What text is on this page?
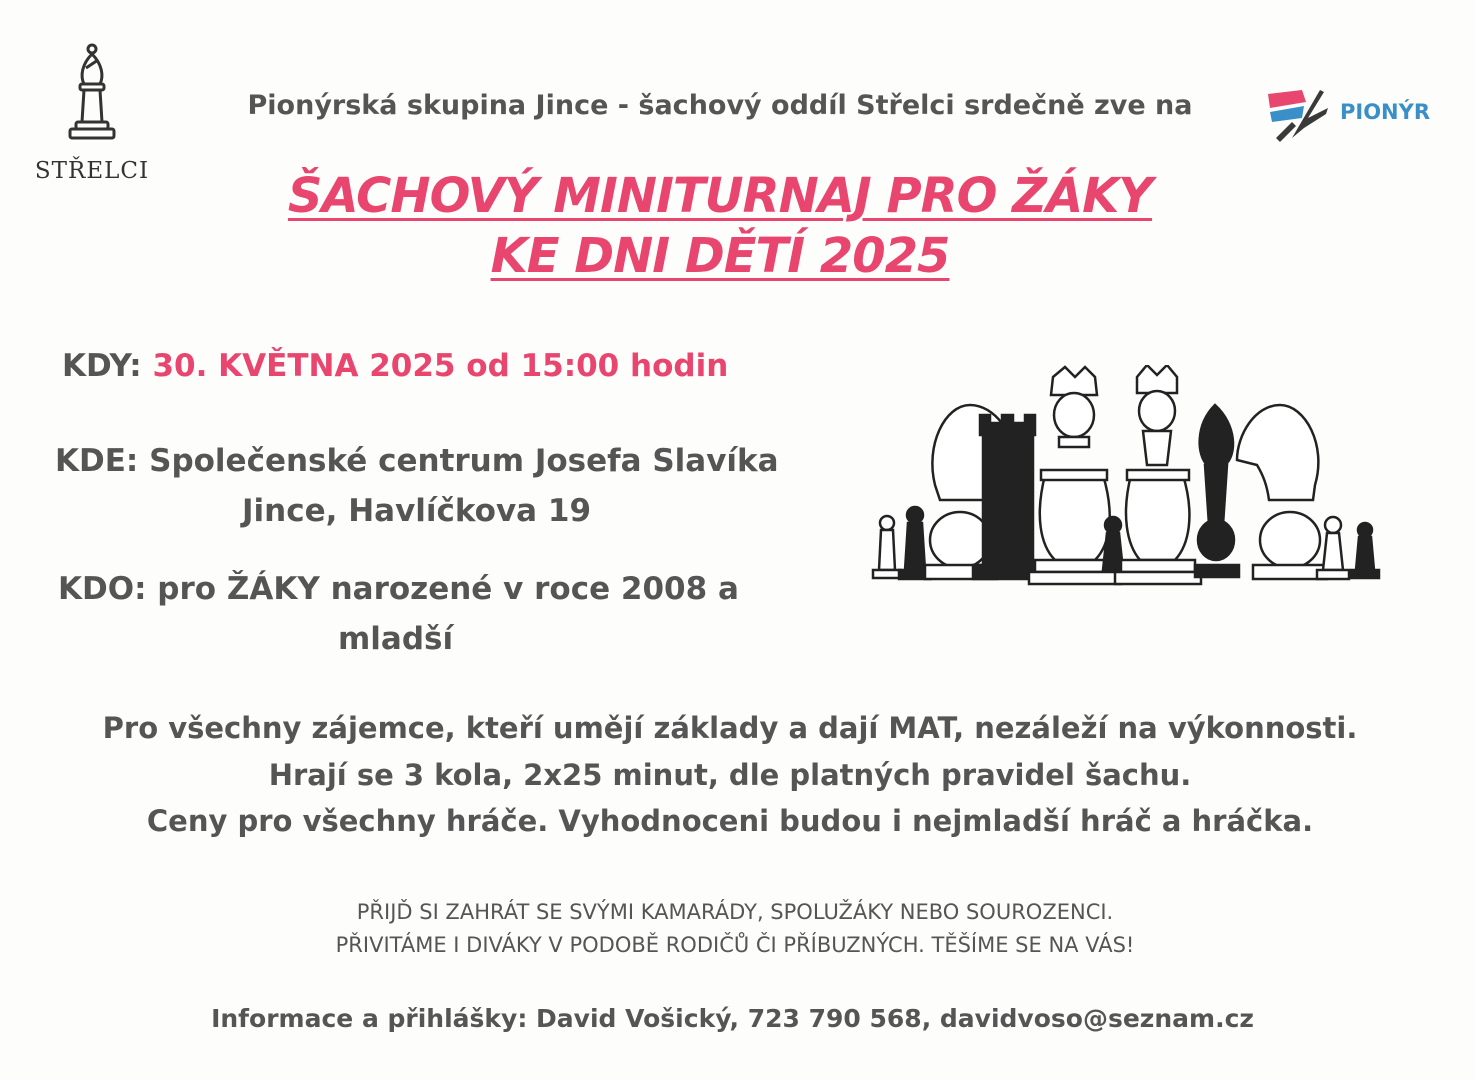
STŘELCI
PIONÝR
Pionýrská skupina Jince - šachový oddíl Střelci srdečně zve na
ŠACHOVÝ MINITURNAJ PRO ŽÁKY
KE DNI DĚTÍ 2025
KDY: 30. KVĚTNA 2025 od 15:00 hodin
KDE: Společenské centrum Josefa Slavíka
Jince, Havlíčkova 19
KDO: pro ŽÁKY narozené v roce 2008 a
mladší
Pro všechny zájemce, kteří umějí základy a dají MAT, nezáleží na výkonnosti.
Hrají se 3 kola, 2x25 minut, dle platných pravidel šachu.
Ceny pro všechny hráče. Vyhodnoceni budou i nejmladší hráč a hráčka.
PŘIJĎ SI ZAHRÁT SE SVÝMI KAMARÁDY, SPOLUŽÁKY NEBO SOUROZENCI.
PŘIVITÁME I DIVÁKY V PODOBĚ RODIČŮ ČI PŘÍBUZNÝCH. TĚŠÍME SE NA VÁS!
Informace a přihlášky: David Vošický, 723 790 568, davidvoso@seznam.cz
